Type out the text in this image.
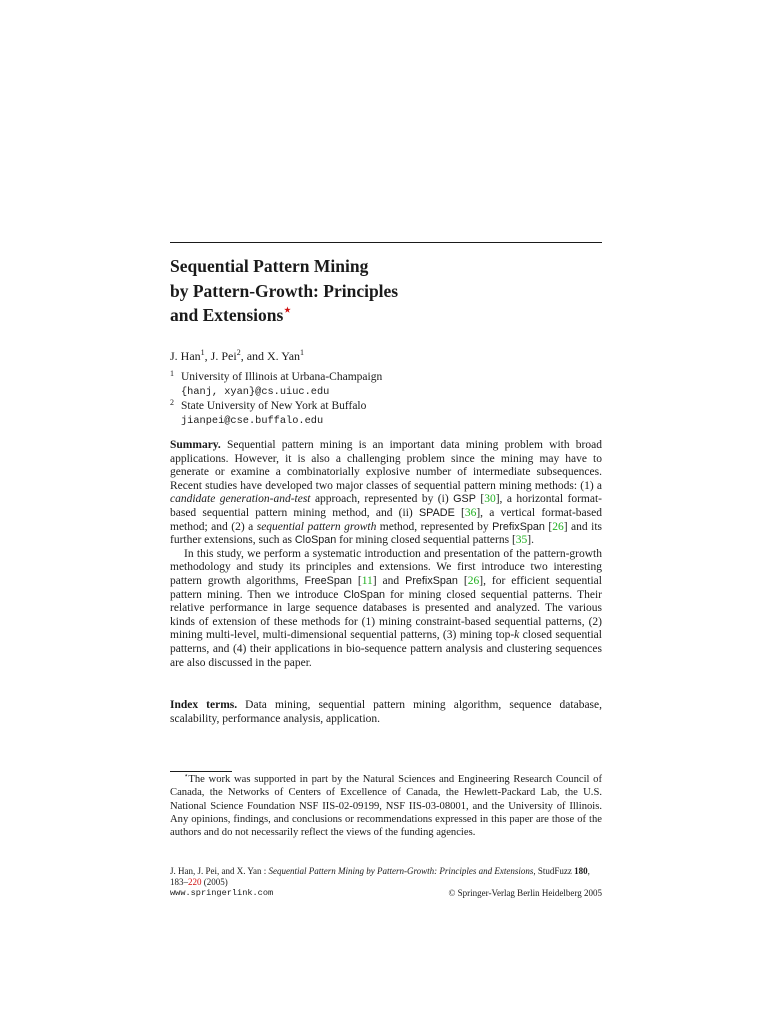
Sequential Pattern Mining
by Pattern-Growth: Principles
and Extensions⋆
J. Han$^1$, J. Pei$^2$, and X. Yan$^1$
1 University of Illinois at Urbana-Champaign
{hanj, xyan}@cs.uiuc.edu
2 State University of New York at Buffalo
jianpei@cse.buffalo.edu

Summary. Sequential pattern mining is an important data mining problem with broad applications. However, it is also a challenging problem since the mining may have to generate or examine a combinatorially explosive number of intermediate subsequences. Recent studies have developed two major classes of sequential pattern mining methods: (1) a candidate generation-and-test approach, represented by (i) GSP [30], a horizontal format-based sequential pattern mining method, and (ii) SPADE [36], a vertical format-based method; and (2) a sequential pattern growth method, represented by PrefixSpan [26] and its further extensions, such as CloSpan for mining closed sequential patterns [35].

In this study, we perform a systematic introduction and presentation of the pattern-growth methodology and study its principles and extensions. We first introduce two interesting pattern growth algorithms, FreeSpan [11] and PrefixSpan [26], for efficient sequential pattern mining. Then we introduce CloSpan for mining closed sequential patterns. Their relative performance in large sequence databases is presented and analyzed. The various kinds of extension of these methods for (1) mining constraint-based sequential patterns, (2) mining multi-level, multi-dimensional sequential patterns, (3) mining top-k closed sequential patterns, and (4) their applications in bio-sequence pattern analysis and clustering sequences are also discussed in the paper.

Index terms. Data mining, sequential pattern mining algorithm, sequence database, scalability, performance analysis, application.
⋆The work was supported in part by the Natural Sciences and Engineering Research Council of Canada, the Networks of Centers of Excellence of Canada, the Hewlett-Packard Lab, the U.S. National Science Foundation NSF IIS-02-09199, NSF IIS-03-08001, and the University of Illinois. Any opinions, findings, and conclusions or recommendations expressed in this paper are those of the authors and do not necessarily reflect the views of the funding agencies.
J. Han, J. Pei, and X. Yan : Sequential Pattern Mining by Pattern-Growth: Principles and Extensions, StudFuzz 180, 183–220 (2005)
www.springerlink.com	© Springer-Verlag Berlin Heidelberg 2005
